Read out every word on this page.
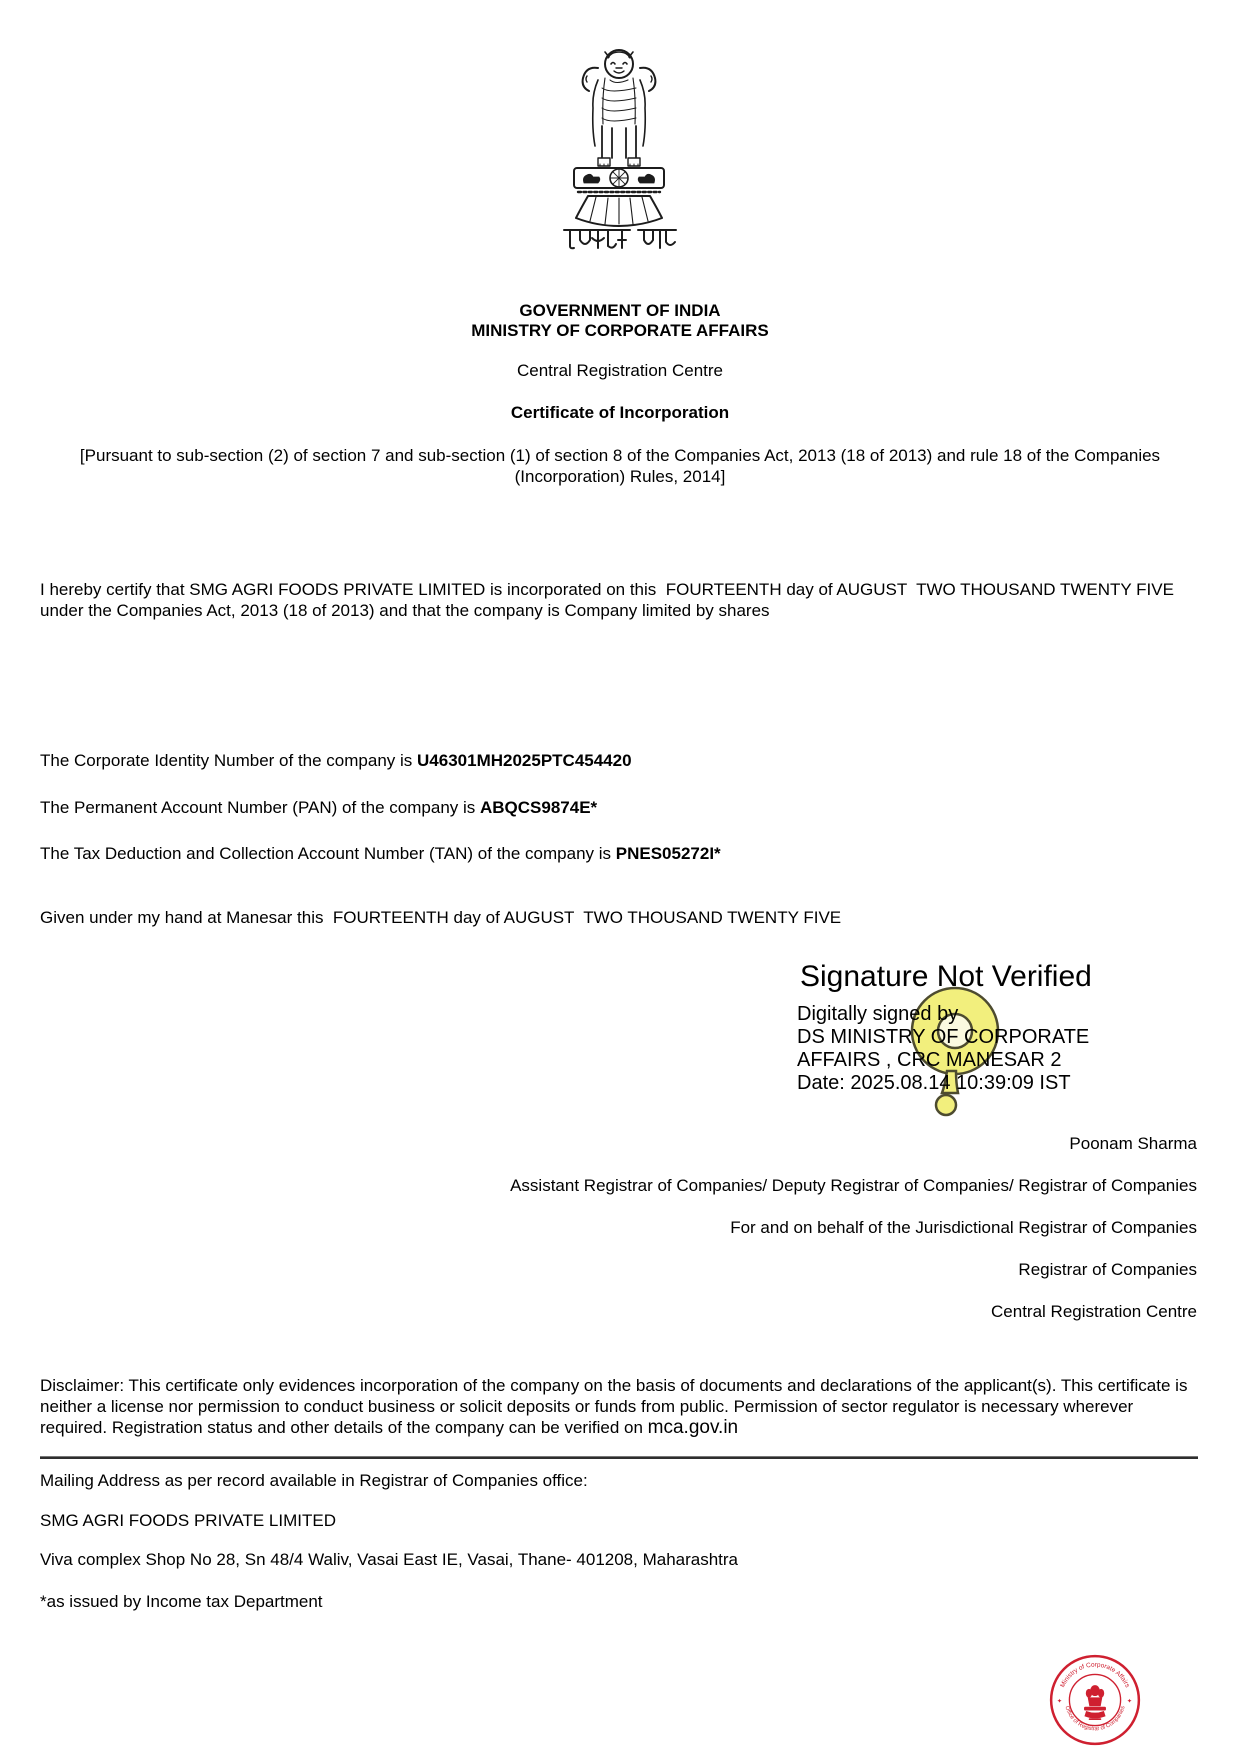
GOVERNMENT OF INDIA
MINISTRY OF CORPORATE AFFAIRS
Central Registration Centre
Certificate of Incorporation
[Pursuant to sub-section (2) of section 7 and sub-section (1) of section 8 of the Companies Act, 2013 (18 of 2013) and rule 18 of the Companies (Incorporation) Rules, 2014]
I hereby certify that SMG AGRI FOODS PRIVATE LIMITED is incorporated on this  FOURTEENTH day of AUGUST  TWO THOUSAND TWENTY FIVE under the Companies Act, 2013 (18 of 2013) and that the company is Company limited by shares
The Corporate Identity Number of the company is U46301MH2025PTC454420
The Permanent Account Number (PAN) of the company is ABQCS9874E*
The Tax Deduction and Collection Account Number (TAN) of the company is PNES05272I*
Given under my hand at Manesar this  FOURTEENTH day of AUGUST  TWO THOUSAND TWENTY FIVE
Signature Not Verified
Digitally signed by
DS MINISTRY OF CORPORATE
AFFAIRS , CRC MANESAR 2
Date: 2025.08.14 10:39:09 IST

Poonam Sharma

Assistant Registrar of Companies/ Deputy Registrar of Companies/ Registrar of Companies

For and on behalf of the Jurisdictional Registrar of Companies

Registrar of Companies

Central Registration Centre

Disclaimer: This certificate only evidences incorporation of the company on the basis of documents and declarations of the applicant(s). This certificate is neither a license nor permission to conduct business or solicit deposits or funds from public. Permission of sector regulator is necessary wherever required. Registration status and other details of the company can be verified on mca.gov.in
Mailing Address as per record available in Registrar of Companies office:
SMG AGRI FOODS PRIVATE LIMITED
Viva complex Shop No 28, Sn 48/4 Waliv, Vasai East IE, Vasai, Thane- 401208, Maharashtra
*as issued by Income tax Department
Ministry of Corporate Affairs
Office of Registrar of Companies
✦	✦
